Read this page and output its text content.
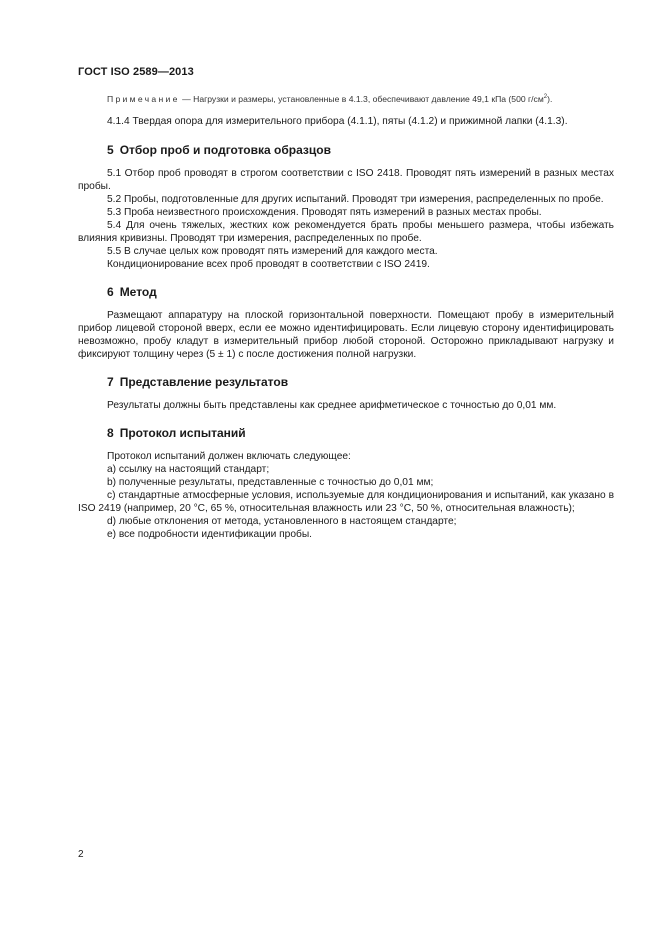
ГОСТ ISO 2589—2013

Примечание — Нагрузки и размеры, установленные в 4.1.3, обеспечивают давление 49,1 кПа (500 $г/см^2$).

4.1.4 Твердая опора для измерительного прибора (4.1.1), пяты (4.1.2) и прижимной лапки (4.1.3).

5 Отбор проб и подготовка образцов

5.1 Отбор проб проводят в строгом соответствии с ISO 2418. Проводят пять измерений в разных местах пробы.

5.2 Пробы, подготовленные для других испытаний. Проводят три измерения, распределенных по пробе.

5.3 Проба неизвестного происхождения. Проводят пять измерений в разных местах пробы.

5.4 Для очень тяжелых, жестких кож рекомендуется брать пробы меньшего размера, чтобы избежать влияния кривизны. Проводят три измерения, распределенных по пробе.

5.5 В случае целых кож проводят пять измерений для каждого места.

Кондиционирование всех проб проводят в соответствии с ISO 2419.

6 Метод

Размещают аппаратуру на плоской горизонтальной поверхности. Помещают пробу в измерительный прибор лицевой стороной вверх, если ее можно идентифицировать. Если лицевую сторону идентифицировать невозможно, пробу кладут в измерительный прибор любой стороной. Осторожно прикладывают нагрузку и фиксируют толщину через (5 ± 1) с после достижения полной нагрузки.

7 Представление результатов

Результаты должны быть представлены как среднее арифметическое с точностью до 0,01 мм.

8 Протокол испытаний

Протокол испытаний должен включать следующее:

а) ссылку на настоящий стандарт;

b) полученные результаты, представленные с точностью до 0,01 мм;

c) стандартные атмосферные условия, используемые для кондиционирования и испытаний, как указано в ISO 2419 (например, 20 °C, 65 %, относительная влажность или 23 °C, 50 %, относительная влажность);

d) любые отклонения от метода, установленного в настоящем стандарте;

e) все подробности идентификации пробы.

2
